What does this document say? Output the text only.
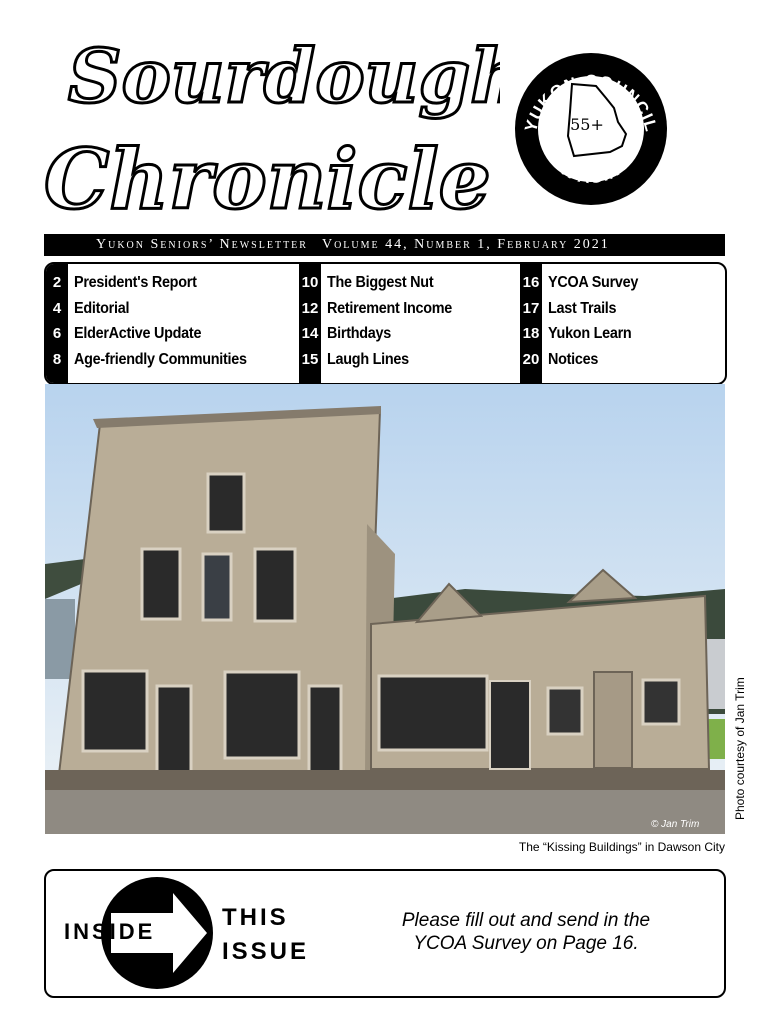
Sourdough
Chronicle
YUKON COUNCIL
ON AGING
55+
Yukon Seniors’ Newsletter Volume 44, Number 1, February 2021
2 President's Report
4 Editorial
6 ElderActive Update
8 Age-friendly Communities
10 The Biggest Nut
12 Retirement Income
14 Birthdays
15 Laugh Lines
16 YCOA Survey
17 Last Trails
18 Yukon Learn
20 Notices
© Jan Trim
Photo courtesy of Jan Trim
The “Kissing Buildings” in Dawson City
INSIDE
THIS
ISSUE
Please fill out and send in the
YCOA Survey on Page 16.
